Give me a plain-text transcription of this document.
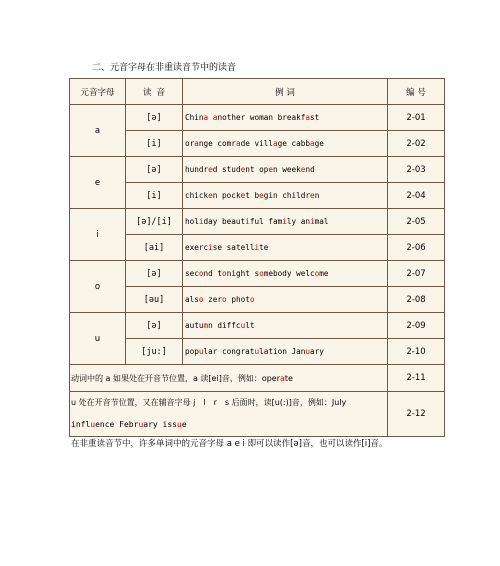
二、元音字母在非重读音节中的读音
元音字母	读 音	例 词	编 号
a	[ə]	China another woman breakfast	2-01
	[i]	orange comrade village cabbage	2-02
e	[ə]	hundred student open weekend	2-03
	[i]	chicken pocket begin children	2-04
i	[ə]/[i]	holiday beautiful family animal	2-05
	[ai]	exercise satellite	2-06
o	[ə]	second tonight somebody welcome	2-07
	[əu]	also zero photo	2-08
u	[ə]	autumn diffcult	2-09
	[ju:]	popular congratulation January	2-10
动词中的 a 如果处在开音节位置，a 读[ei]音，例如：operate			2-11

u 处在开音节位置，又在辅音字母 j　l　r　s 后面时，读[u(:)]音，例如：July
influence February issue			2-12
在非重读音节中，许多单词中的元音字母 a e i 即可以读作[ə]音，也可以读作[i]音。
